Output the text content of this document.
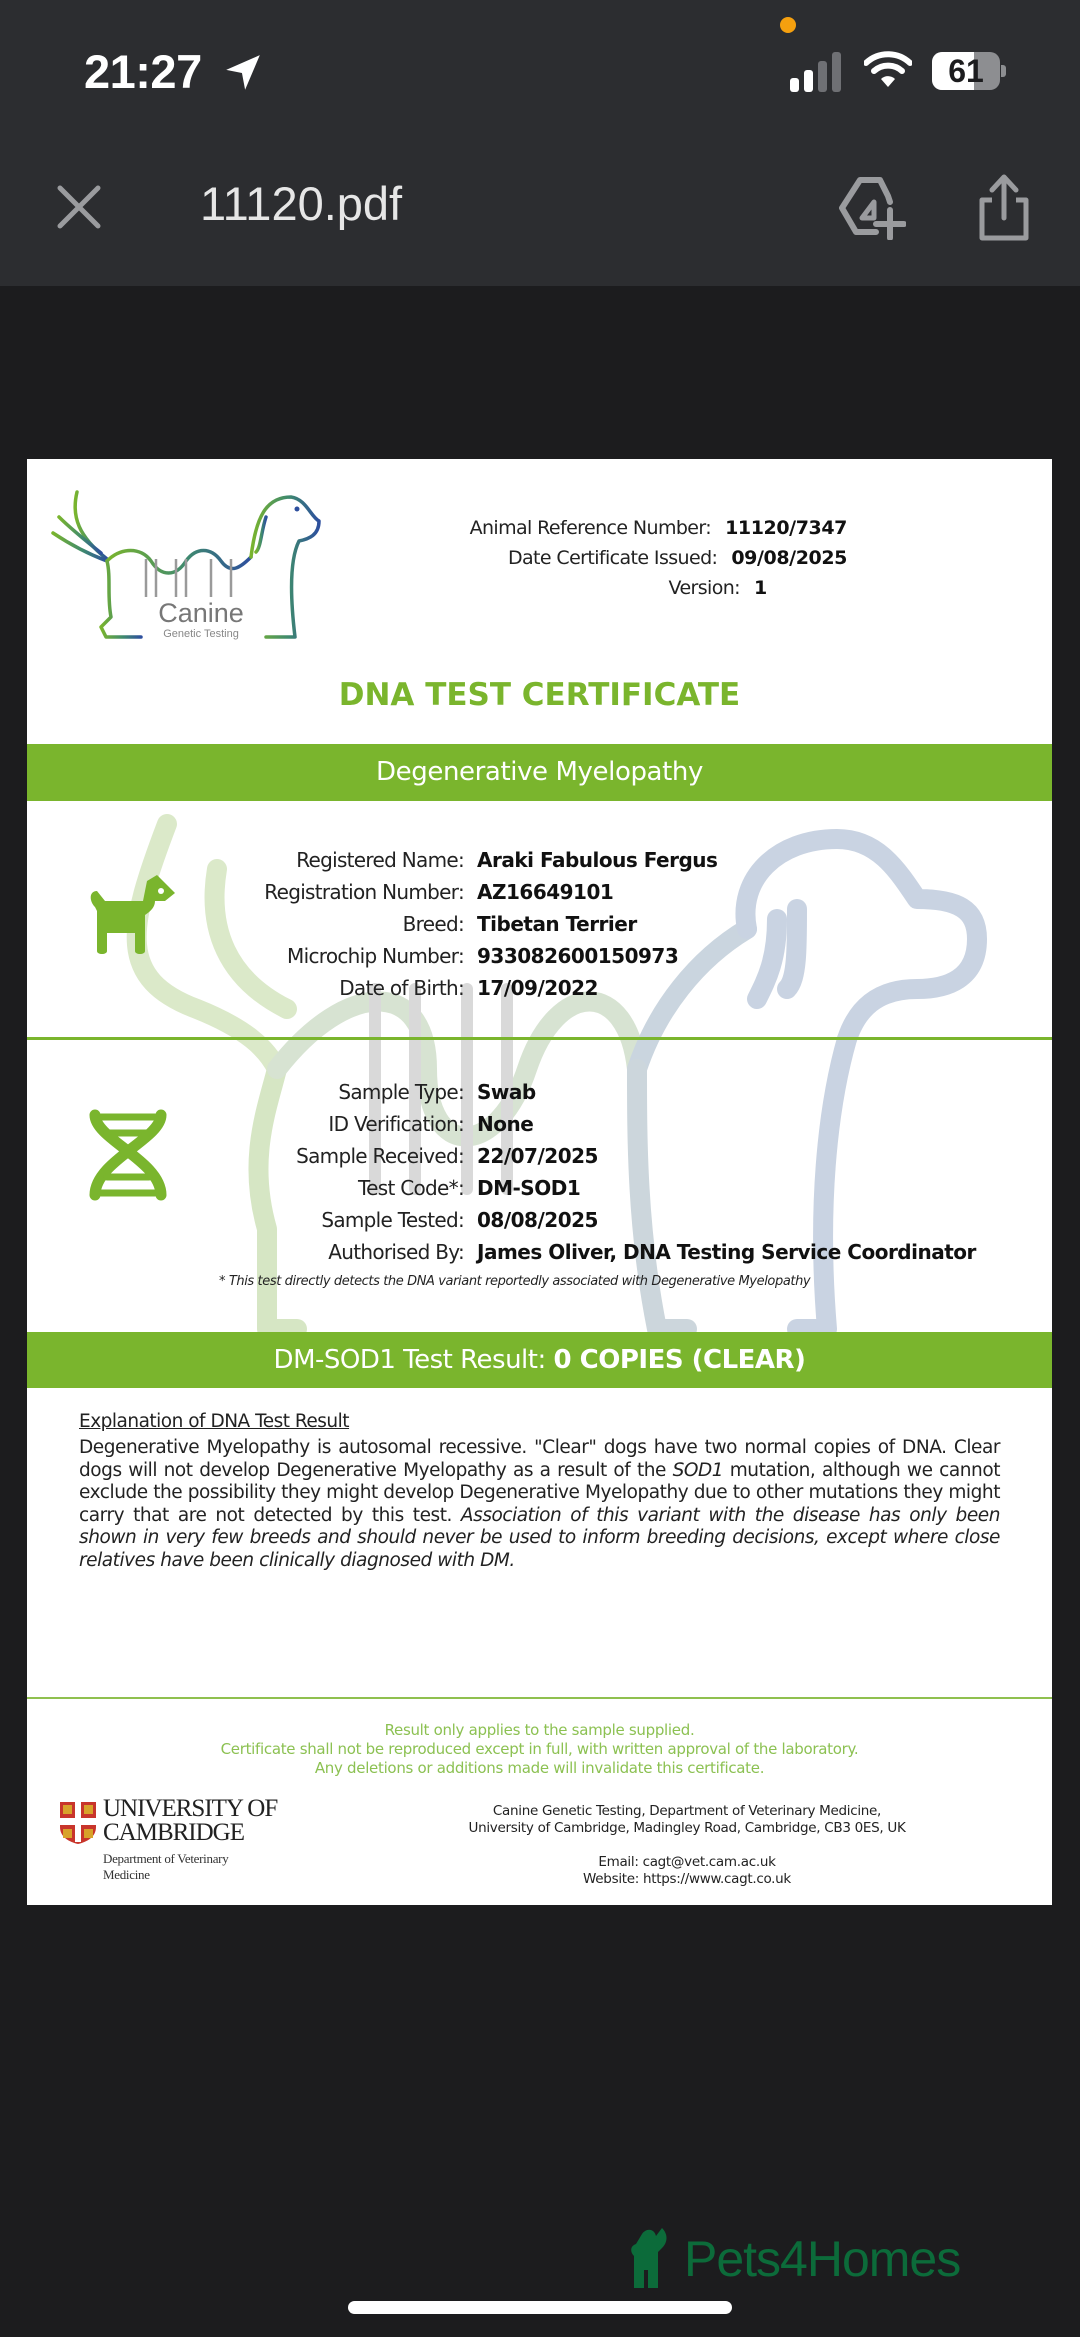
21:27	61
11120.pdf
Canine
Genetic Testing
Animal Reference Number: 11120/7347
Date Certificate Issued: 09/08/2025
Version: 1
DNA TEST CERTIFICATE
Degenerative Myelopathy
Registered Name: Araki Fabulous Fergus
Registration Number: AZ16649101
Breed: Tibetan Terrier
Microchip Number: 933082600150973
Date of Birth: 17/09/2022
Sample Type: Swab
ID Verification: None
Sample Received: 22/07/2025
Test Code*: DM-SOD1
Sample Tested: 08/08/2025
Authorised By: James Oliver, DNA Testing Service Coordinator
* This test directly detects the DNA variant reportedly associated with Degenerative Myelopathy
DM-SOD1 Test Result: 0 COPIES (CLEAR)
Explanation of DNA Test Result
Degenerative Myelopathy is autosomal recessive. "Clear" dogs have two normal copies of DNA. Clear dogs will not develop Degenerative Myelopathy as a result of the SOD1 mutation, although we cannot exclude the possibility they might develop Degenerative Myelopathy due to other mutations they might carry that are not detected by this test. Association of this variant with the disease has only been shown in very few breeds and should never be used to inform breeding decisions, except where close relatives have been clinically diagnosed with DM.
Result only applies to the sample supplied.
Certificate shall not be reproduced except in full, with written approval of the laboratory.
Any deletions or additions made will invalidate this certificate.
UNIVERSITY OF
CAMBRIDGE
Department of Veterinary
Medicine
Canine Genetic Testing, Department of Veterinary Medicine,
University of Cambridge, Madingley Road, Cambridge, CB3 0ES, UK
Email: cagt@vet.cam.ac.uk
Website: https://www.cagt.co.uk
Pets4Homes
